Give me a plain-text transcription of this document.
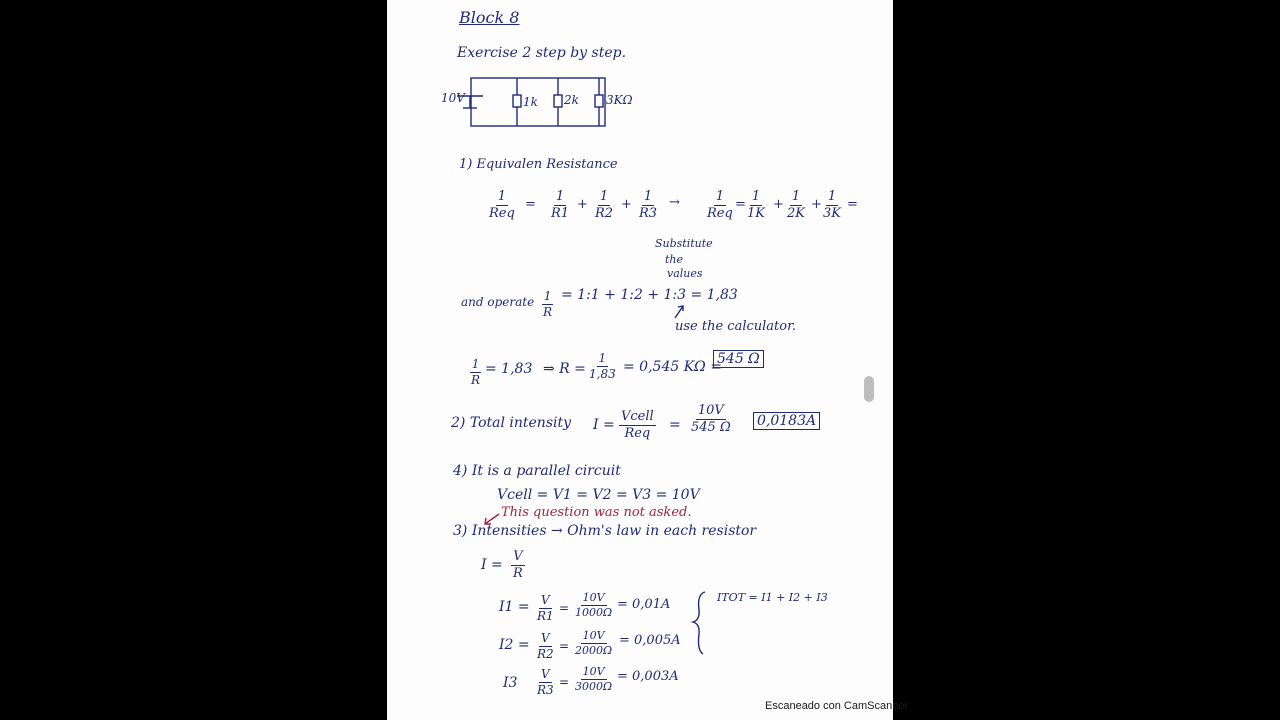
Block 8
Exercise 2 step by step.
10V	1k 2k 3KΩ
1) Equivalen Resistance
1
Req
= $\frac{1}{R1} + \frac{1}{R2} + \frac{1}{R3}$ →	1
Req
= $\frac{1}{1K} + \frac{1}{2K} + \frac{1}{3K}$ =
Substitute
the
values
and operate $\frac{1}{R}$ = 1:1 + 1:2 + 1:3 = 1,83
use the calculator.
$\frac{1}{R} = 1,83$ ⇒ $R = \frac{1}{1,83} = 0,545$ KΩ =
545 Ω
2) Total intensity I =
Vcell
Req
= $\frac{10V}{545 \Omega} 0,0183A$
4) It is a parallel circuit
Vcell = V1 = V2 = V3 = 10V
This question was not asked.
3) Intensities → Ohm's law in each resistor
$I = \frac{V}{R}$
$I1 = \frac{V}{R1} = \frac{10V}{1000\Omega} = 0,01A$
$I2 = \frac{V}{R2} = \frac{10V}{2000\Omega} = 0,005A$
$I3 \frac{V}{R3} = \frac{10V}{3000\Omega} = 0,003A$
ITOT = I1 + I2 + I3
Escaneado con CamScanner
